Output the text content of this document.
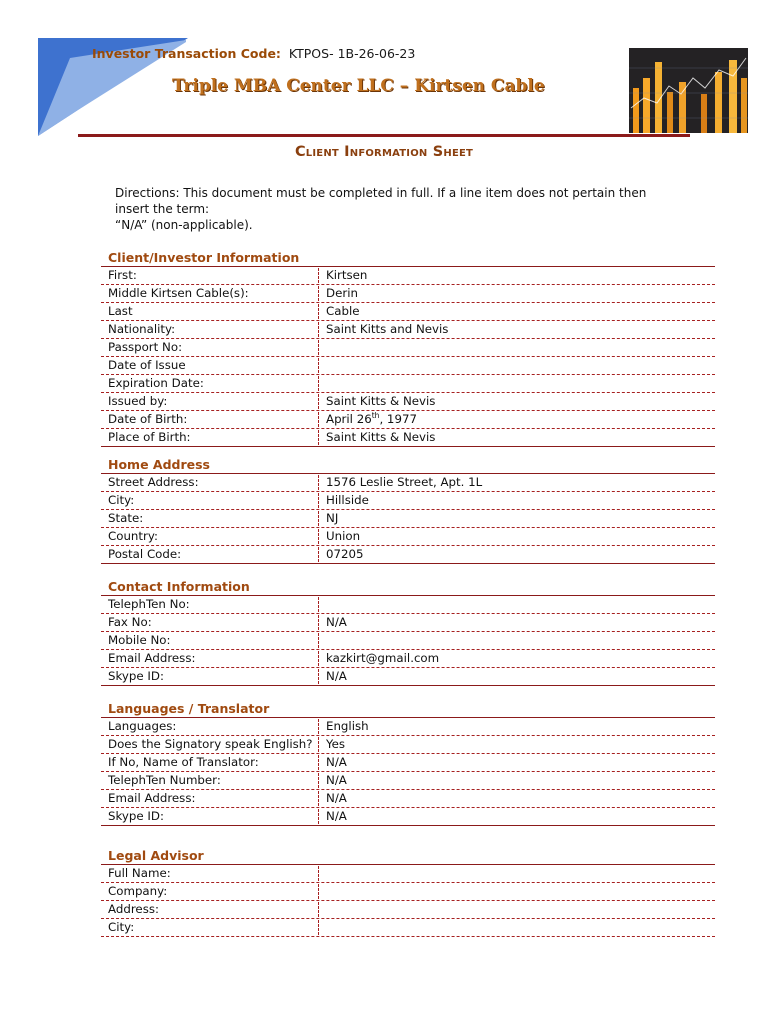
Investor Transaction Code: KTPOS- 1B-26-06-23
Triple MBA Center LLC – Kirtsen Cable
Client Information Sheet
Directions: This document must be completed in full. If a line item does not pertain then insert the term:
“N/A” (non-applicable).
Client/Investor Information
First:	Kirtsen
Middle Kirtsen Cable(s):	Derin
Last	Cable
Nationality:	Saint Kitts and Nevis
Passport No:
Date of Issue
Expiration Date:
Issued by:	Saint Kitts & Nevis
Date of Birth:	April 26th, 1977
Place of Birth:	Saint Kitts & Nevis
Home Address
Street Address:	1576 Leslie Street, Apt. 1L
City:	Hillside
State:	NJ
Country:	Union
Postal Code:	07205
Contact Information
TelephTen No:
Fax No:	N/A
Mobile No:
Email Address:	kazkirt@gmail.com
Skype ID:	N/A
Languages / Translator
Languages:	English
Does the Signatory speak English? Yes
If No, Name of Translator:	N/A
TelephTen Number:	N/A
Email Address:	N/A
Skype ID:	N/A
Legal Advisor
Full Name:
Company:
Address:
City:
